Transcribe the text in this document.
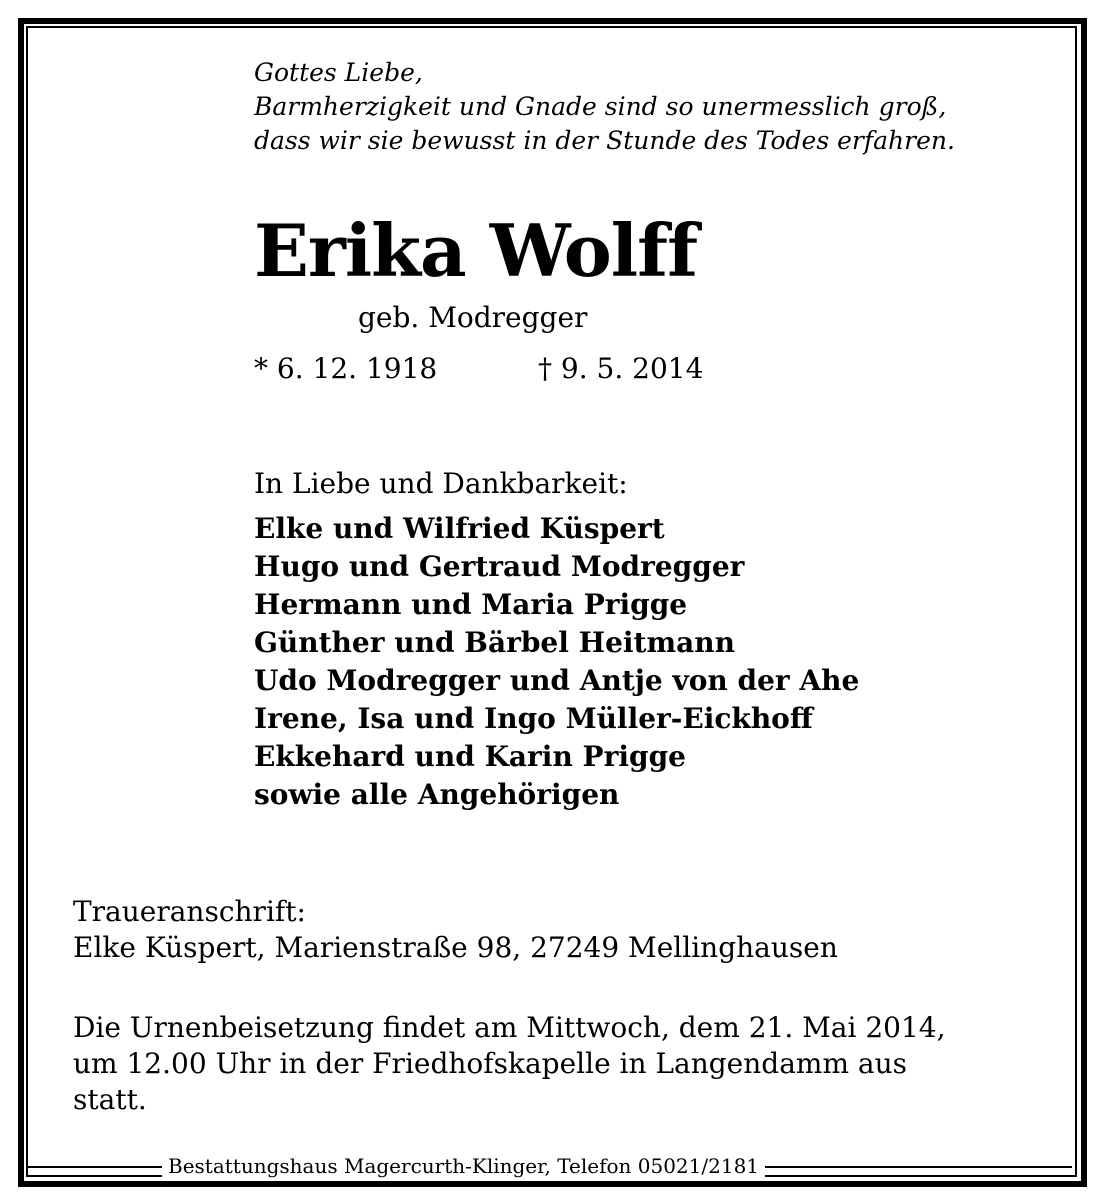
Gottes Liebe,
Barmherzigkeit und Gnade sind so unermesslich groß,
dass wir sie bewusst in der Stunde des Todes erfahren.
Erika Wolff
geb. Modregger
* 6. 12. 1918	† 9. 5. 2014
In Liebe und Dankbarkeit:
Elke und Wilfried Küspert
Hugo und Gertraud Modregger
Hermann und Maria Prigge
Günther und Bärbel Heitmann
Udo Modregger und Antje von der Ahe
Irene, Isa und Ingo Müller-Eickhoff
Ekkehard und Karin Prigge
sowie alle Angehörigen
Traueranschrift:
Elke Küspert, Marienstraße 98, 27249 Mellinghausen
Die Urnenbeisetzung findet am Mittwoch, dem 21. Mai 2014,
um 12.00 Uhr in der Friedhofskapelle in Langendamm aus
statt.
Bestattungshaus Magercurth-Klinger, Telefon 05021/2181
